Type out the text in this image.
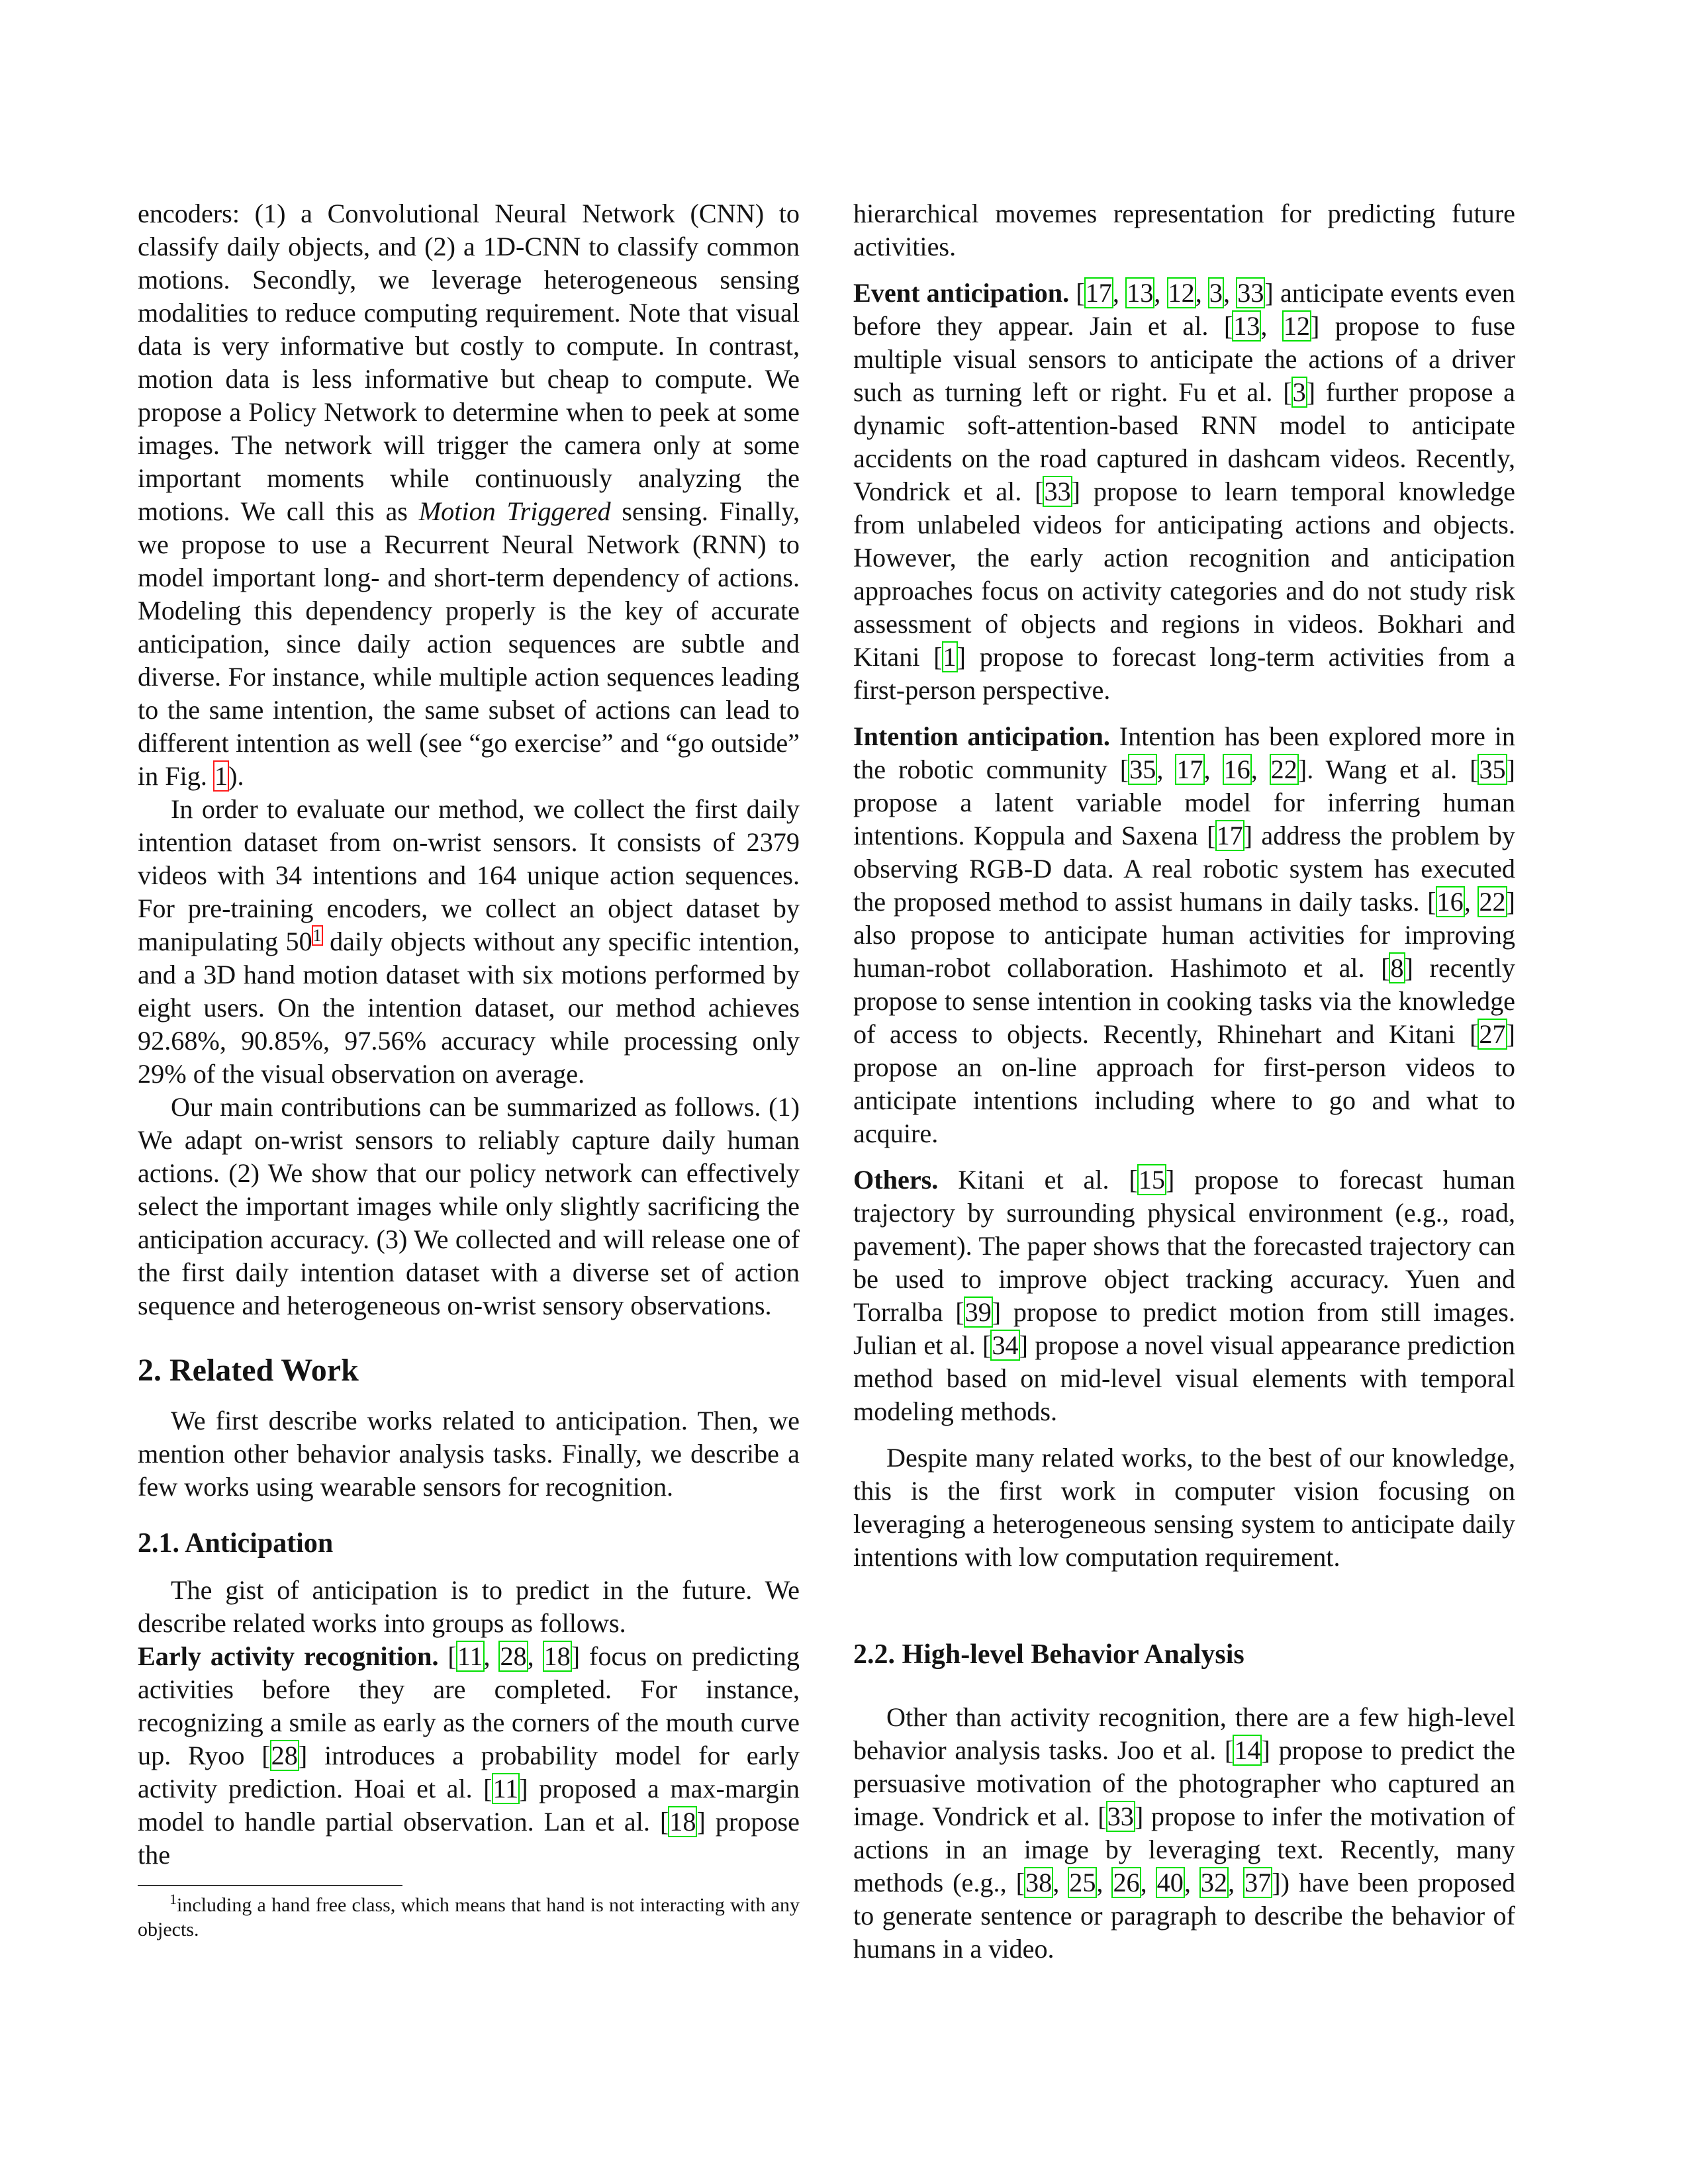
encoders: (1) a Convolutional Neural Network (CNN) to classify daily objects, and (2) a 1D-CNN to classify common motions. Secondly, we leverage heterogeneous sensing modalities to reduce computing requirement. Note that visual data is very informative but costly to compute. In contrast, motion data is less informative but cheap to compute. We propose a Policy Network to determine when to peek at some images. The network will trigger the camera only at some important moments while continuously analyzing the motions. We call this as Motion Triggered sensing. Finally, we propose to use a Recurrent Neural Network (RNN) to model important long- and short-term dependency of actions. Modeling this dependency properly is the key of accurate anticipation, since daily action sequences are subtle and diverse. For instance, while multiple action sequences leading to the same intention, the same subset of actions can lead to different intention as well (see “go exercise” and “go outside” in Fig. 1).

In order to evaluate our method, we collect the first daily intention dataset from on-wrist sensors. It consists of 2379 videos with 34 intentions and 164 unique action sequences. For pre-training encoders, we collect an object dataset by manipulating 50$^1$ daily objects without any specific intention, and a 3D hand motion dataset with six motions performed by eight users. On the intention dataset, our method achieves 92.68%, 90.85%, 97.56% accuracy while processing only 29% of the visual observation on average.

Our main contributions can be summarized as follows. (1) We adapt on-wrist sensors to reliably capture daily human actions. (2) We show that our policy network can effectively select the important images while only slightly sacrificing the anticipation accuracy. (3) We collected and will release one of the first daily intention dataset with a diverse set of action sequence and heterogeneous on-wrist sensory observations.

2. Related Work

We first describe works related to anticipation. Then, we mention other behavior analysis tasks. Finally, we describe a few works using wearable sensors for recognition.

2.1. Anticipation

The gist of anticipation is to predict in the future. We describe related works into groups as follows.

Early activity recognition. [11, 28, 18] focus on predicting activities before they are completed. For instance, recognizing a smile as early as the corners of the mouth curve up. Ryoo [28] introduces a probability model for early activity prediction. Hoai et al. [11] proposed a max-margin model to handle partial observation. Lan et al. [18] propose the

$^1$including a hand free class, which means that hand is not interacting with any objects.

hierarchical movemes representation for predicting future activities.

Event anticipation. [17, 13, 12, 3, 33] anticipate events even before they appear. Jain et al. [13, 12] propose to fuse multiple visual sensors to anticipate the actions of a driver such as turning left or right. Fu et al. [3] further propose a dynamic soft-attention-based RNN model to anticipate accidents on the road captured in dashcam videos. Recently, Vondrick et al. [33] propose to learn temporal knowledge from unlabeled videos for anticipating actions and objects. However, the early action recognition and anticipation approaches focus on activity categories and do not study risk assessment of objects and regions in videos. Bokhari and Kitani [1] propose to forecast long-term activities from a first-person perspective.

Intention anticipation. Intention has been explored more in the robotic community [35, 17, 16, 22]. Wang et al. [35] propose a latent variable model for inferring human intentions. Koppula and Saxena [17] address the problem by observing RGB-D data. A real robotic system has executed the proposed method to assist humans in daily tasks. [16, 22] also propose to anticipate human activities for improving human-robot collaboration. Hashimoto et al. [8] recently propose to sense intention in cooking tasks via the knowledge of access to objects. Recently, Rhinehart and Kitani [27] propose an on-line approach for first-person videos to anticipate intentions including where to go and what to acquire.

Others. Kitani et al. [15] propose to forecast human trajectory by surrounding physical environment (e.g., road, pavement). The paper shows that the forecasted trajectory can be used to improve object tracking accuracy. Yuen and Torralba [39] propose to predict motion from still images. Julian et al. [34] propose a novel visual appearance prediction method based on mid-level visual elements with temporal modeling methods.

Despite many related works, to the best of our knowledge, this is the first work in computer vision focusing on leveraging a heterogeneous sensing system to anticipate daily intentions with low computation requirement.

2.2. High-level Behavior Analysis

Other than activity recognition, there are a few high-level behavior analysis tasks. Joo et al. [14] propose to predict the persuasive motivation of the photographer who captured an image. Vondrick et al. [33] propose to infer the motivation of actions in an image by leveraging text. Recently, many methods (e.g., [38, 25, 26, 40, 32, 37]) have been proposed to generate sentence or paragraph to describe the behavior of humans in a video.
